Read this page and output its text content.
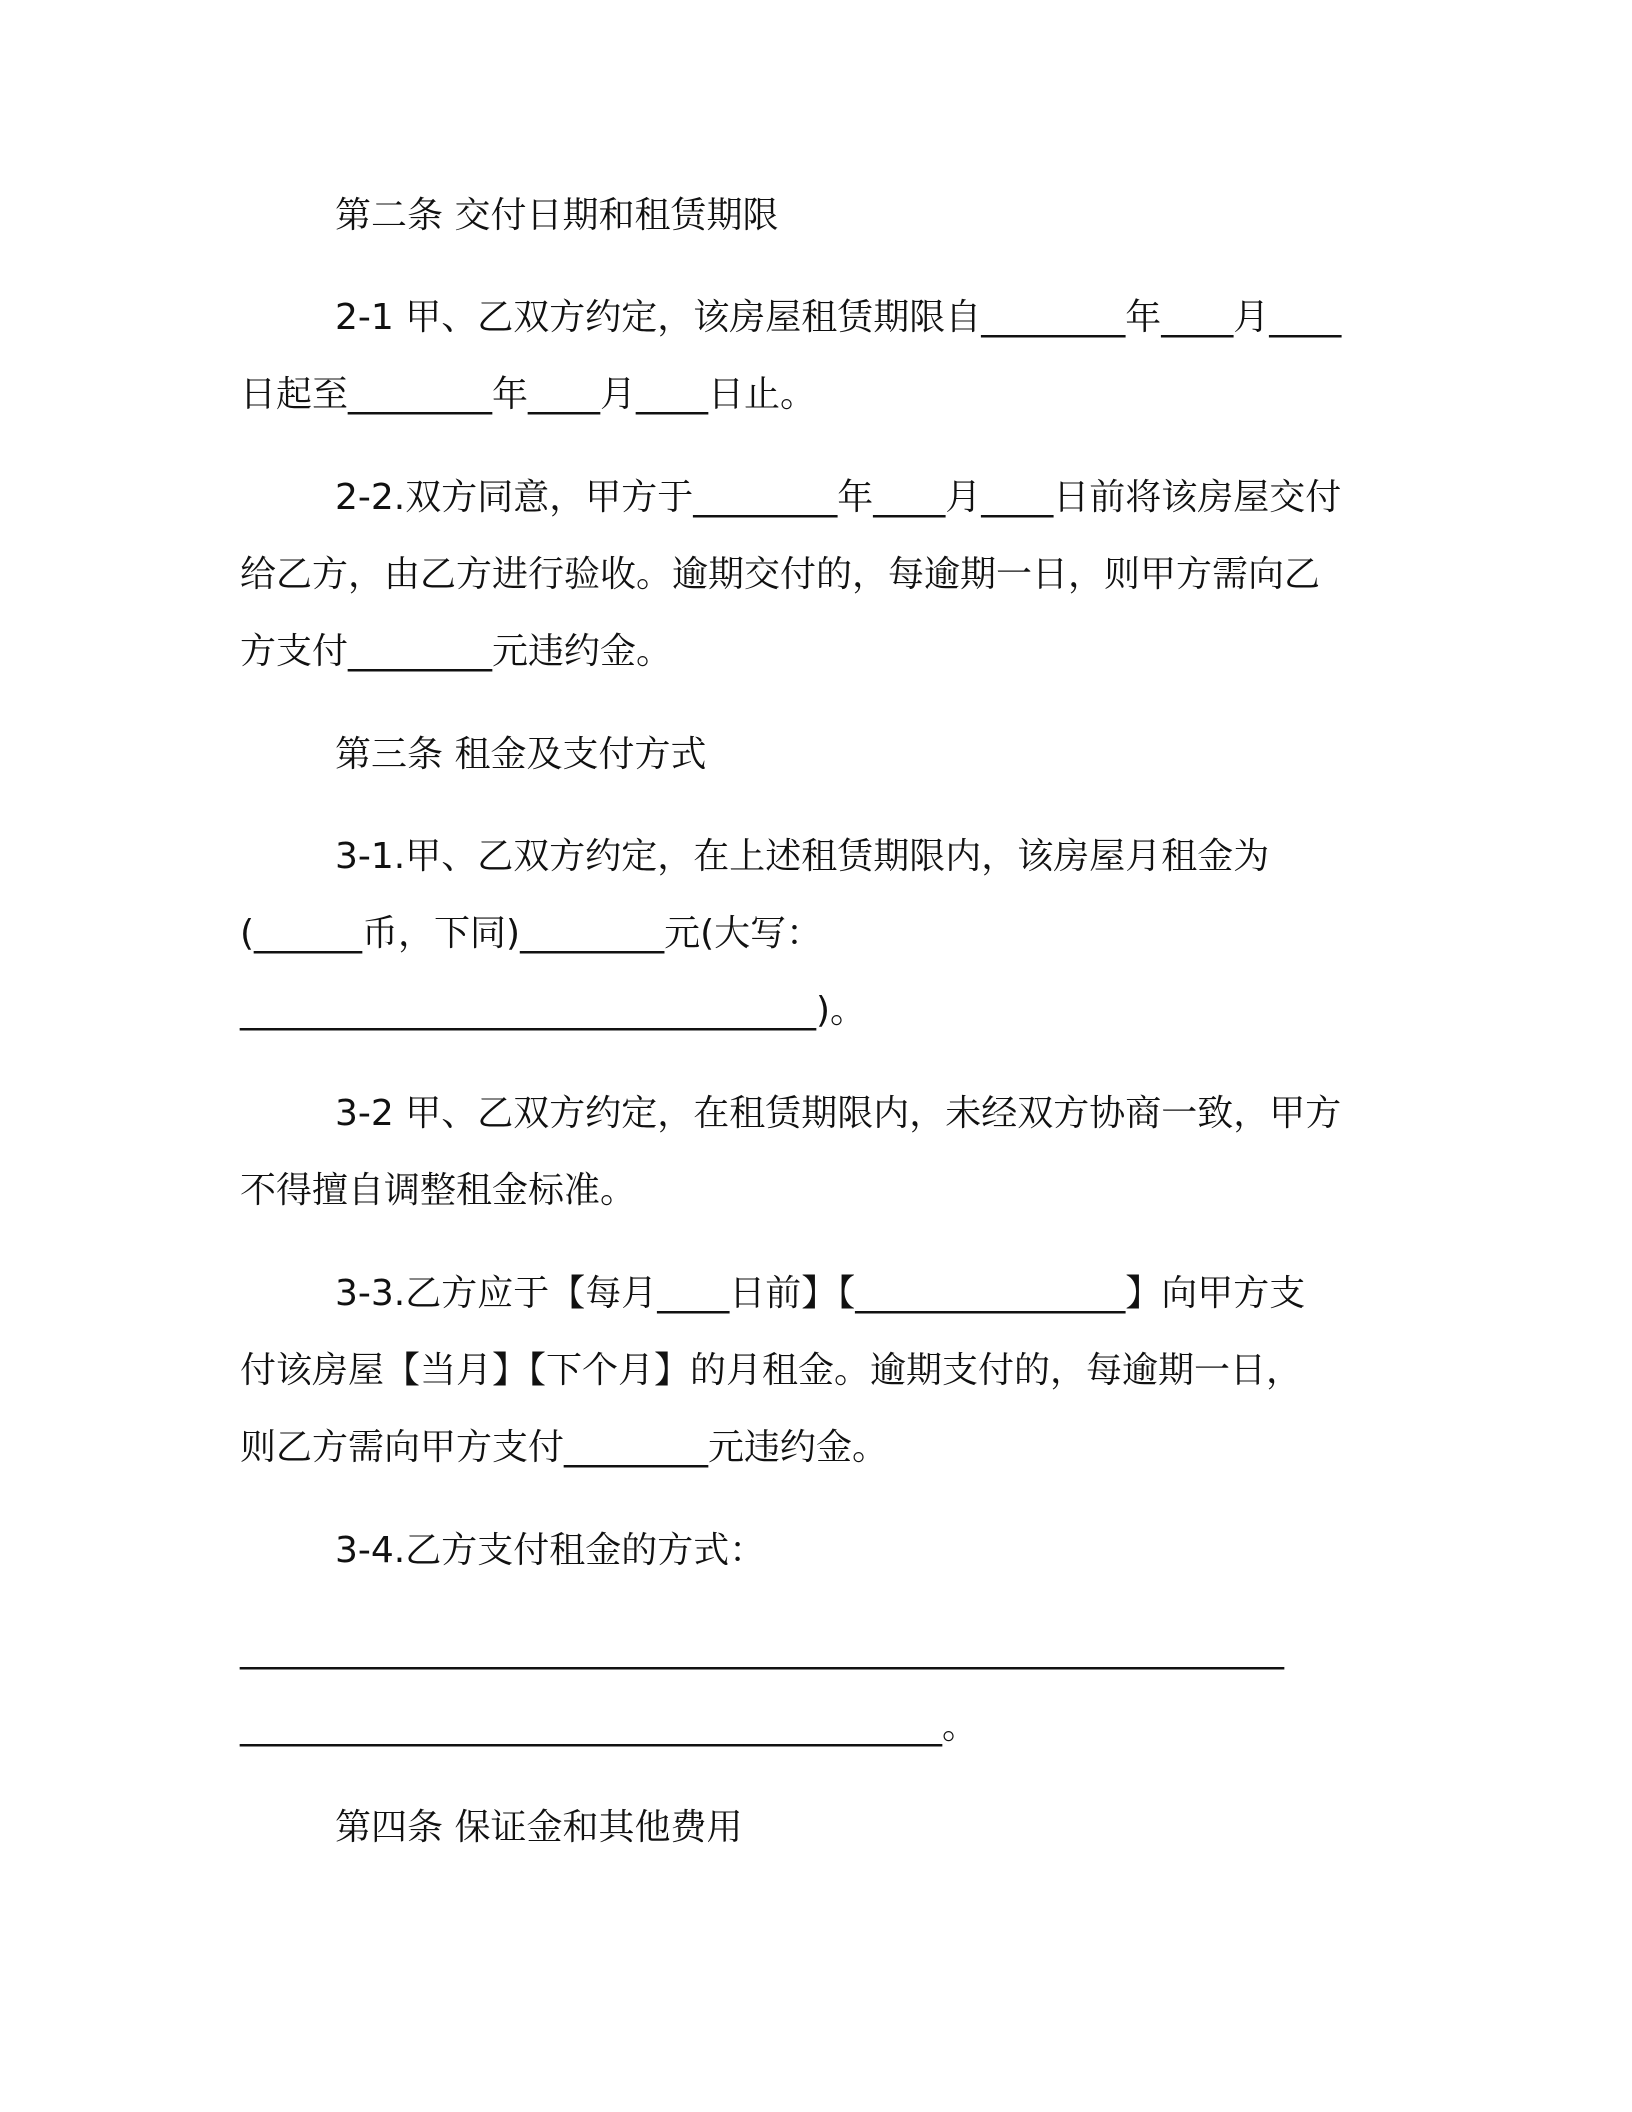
第二条 交付日期和租赁期限
2-1 甲、乙双方约定，该房屋租赁期限自________年____月____
日起至________年____月____日止。
2-2.双方同意，甲方于________年____月____日前将该房屋交付
给乙方，由乙方进行验收。逾期交付的，每逾期一日，则甲方需向乙
方支付________元违约金。
第三条 租金及支付方式
3-1.甲、乙双方约定，在上述租赁期限内，该房屋月租金为
(______币，下同)________元(大写：
________________________________)。
3-2 甲、乙双方约定，在租赁期限内，未经双方协商一致，甲方
不得擅自调整租金标准。
3-3.乙方应于【每月____日前】【_______________】向甲方支
付该房屋【当月】【下个月】的月租金。逾期支付的，每逾期一日，
则乙方需向甲方支付________元违约金。
3-4.乙方支付租金的方式：
__________________________________________________________
_______________________________________。
第四条 保证金和其他费用
